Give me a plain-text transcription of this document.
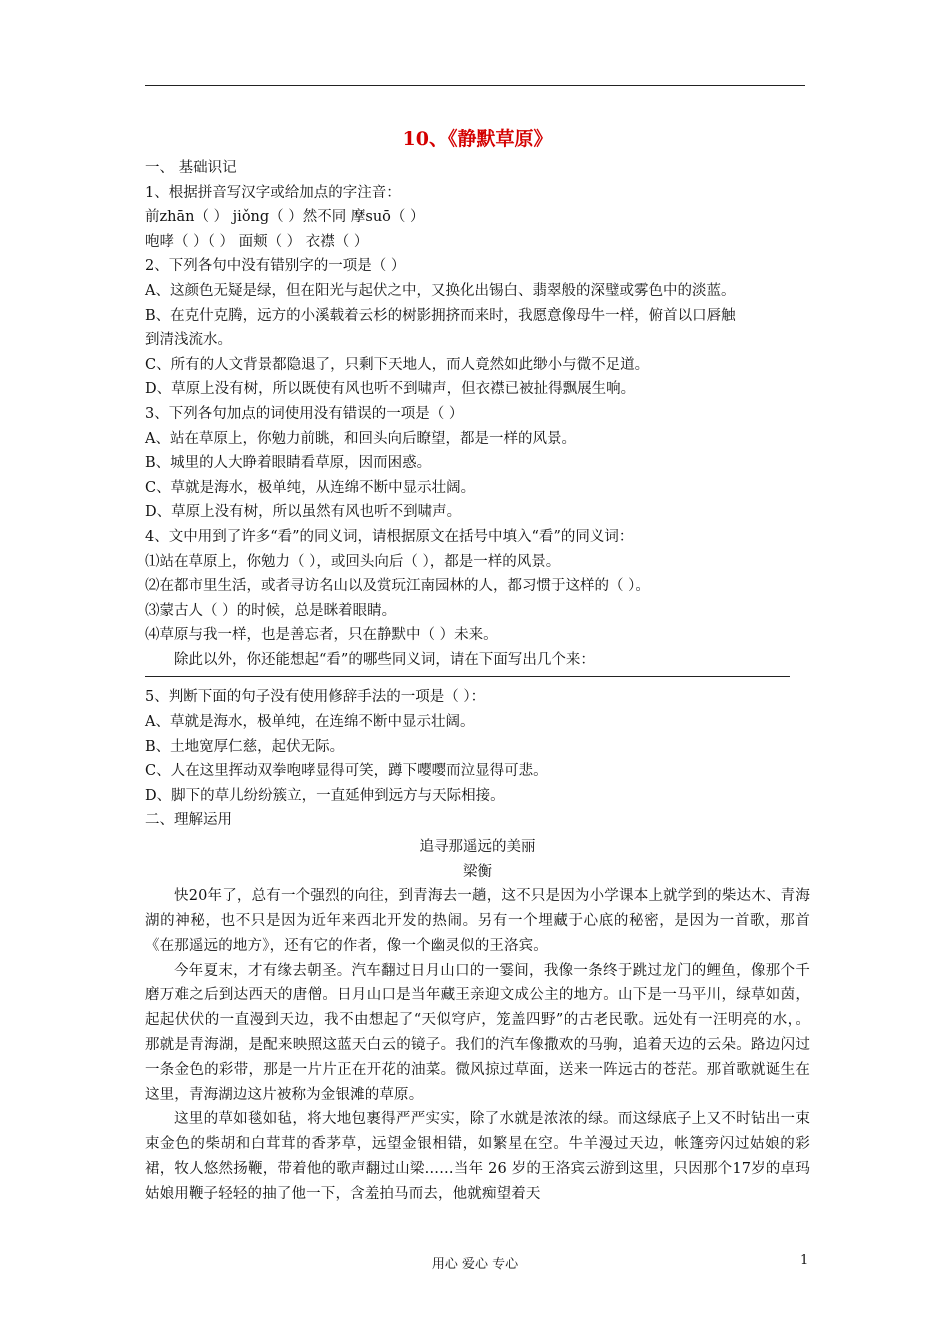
10、《静默草原》
一、 基础识记
1、根据拼音写汉字或给加点的字注音：
前zhān（ ） jiǒng（ ）然不同 摩suō（ ）
咆哮（ ）（ ） 面颊（ ） 衣襟（ ）
2、下列各句中没有错别字的一项是（ ）
A、这颜色无疑是绿，但在阳光与起伏之中，又换化出锡白、翡翠般的深璧或雾色中的淡蓝。
B、在克什克腾，远方的小溪载着云杉的树影拥挤而来时，我愿意像母牛一样，俯首以口唇触
到清浅流水。
C、所有的人文背景都隐退了，只剩下天地人，而人竟然如此缈小与微不足道。
D、草原上没有树，所以既使有风也听不到啸声，但衣襟已被扯得飘展生响。
3、下列各句加点的词使用没有错误的一项是（ ）
A、站在草原上，你勉力前眺，和回头向后瞭望，都是一样的风景。
B、城里的人大睁着眼睛看草原，因而困惑。
C、草就是海水，极单纯，从连绵不断中显示壮阔。
D、草原上没有树，所以虽然有风也听不到啸声。
4、文中用到了许多“看”的同义词，请根据原文在括号中填入“看”的同义词：
⑴站在草原上，你勉力（ ），或回头向后（ ），都是一样的风景。
⑵在都市里生活，或者寻访名山以及赏玩江南园林的人，都习惯于这样的（ ）。
⑶蒙古人（ ）的时候，总是眯着眼睛。
⑷草原与我一样，也是善忘者，只在静默中（ ）未来。
除此以外，你还能想起“看”的哪些同义词，请在下面写出几个来：
5、判断下面的句子没有使用修辞手法的一项是（ ）：
A、草就是海水，极单纯，在连绵不断中显示壮阔。
B、土地宽厚仁慈，起伏无际。
C、人在这里挥动双拳咆哮显得可笑，蹲下嘤嘤而泣显得可悲。
D、脚下的草儿纷纷簇立，一直延伸到远方与天际相接。
二、理解运用
追寻那遥远的美丽
梁衡
快20年了，总有一个强烈的向往，到青海去一趟，这不只是因为小学课本上就学到的柴达木、青海湖的神秘，也不只是因为近年来西北开发的热闹。另有一个埋藏于心底的秘密，是因为一首歌，那首《在那遥远的地方》，还有它的作者，像一个幽灵似的王洛宾。
今年夏末，才有缘去朝圣。汽车翻过日月山口的一霎间，我像一条终于跳过龙门的鲤鱼，像那个千磨万难之后到达西天的唐僧。日月山口是当年藏王亲迎文成公主的地方。山下是一马平川，绿草如茵，起起伏伏的一直漫到天边，我不由想起了“天似穹庐，笼盖四野”的古老民歌。远处有一汪明亮的水，。那就是青海湖，是配来映照这蓝天白云的镜子。我们的汽车像撒欢的马驹，追着天边的云朵。路边闪过一条金色的彩带，那是一片片正在开花的油菜。微风掠过草面，送来一阵远古的苍茫。那首歌就诞生在这里，青海湖边这片被称为金银滩的草原。
这里的草如毯如毡，将大地包裹得严严实实，除了水就是浓浓的绿。而这绿底子上又不时钻出一束束金色的柴胡和白茸茸的香茅草，远望金银相错，如繁星在空。牛羊漫过天边，帐篷旁闪过姑娘的彩裙，牧人悠然扬鞭，带着他的歌声翻过山梁……当年 26 岁的王洛宾云游到这里，只因那个17岁的卓玛姑娘用鞭子轻轻的抽了他一下，含羞拍马而去，他就痴望着天
用心 爱心 专心	1
